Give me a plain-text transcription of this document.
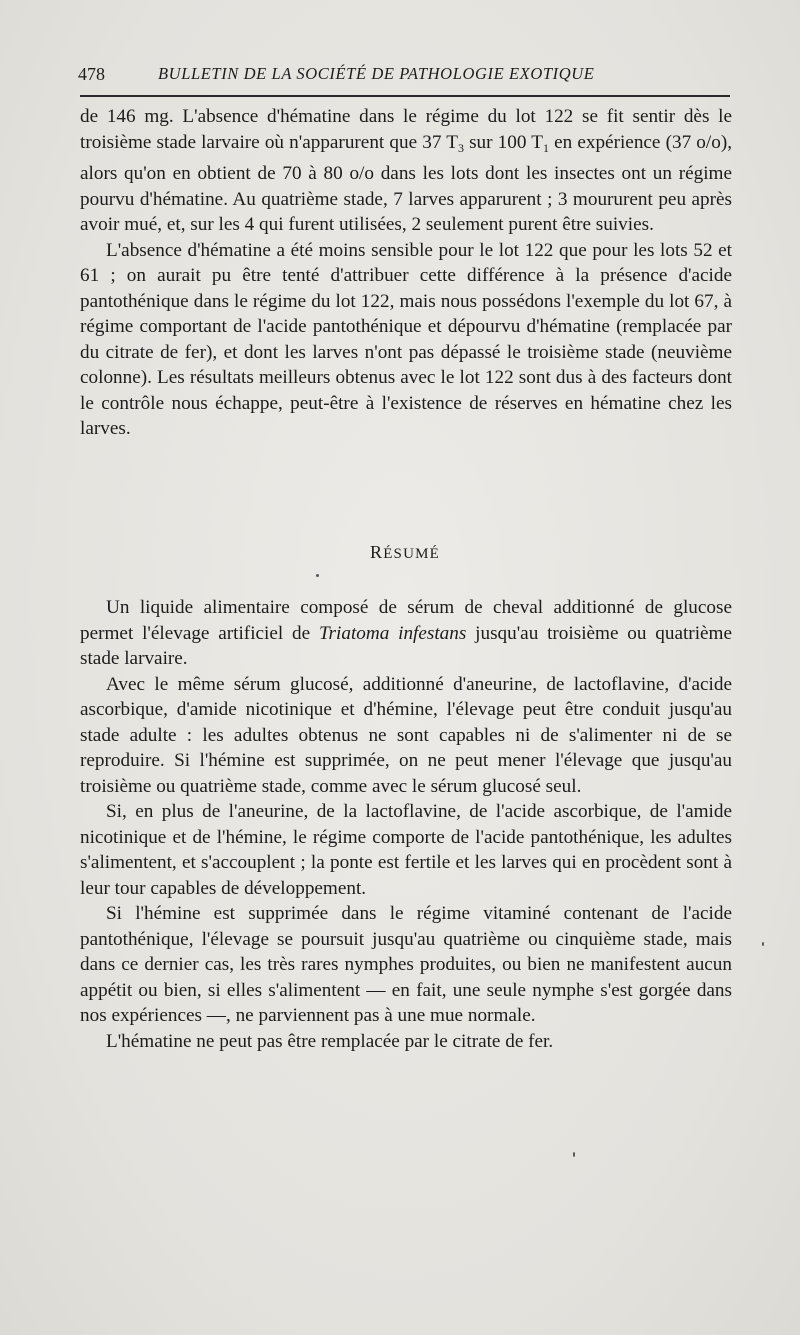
478	BULLETIN DE LA SOCIÉTÉ DE PATHOLOGIE EXOTIQUE

de 146 mg. L'absence d'hématine dans le régime du lot 122 se fit sentir dès le troisième stade larvaire où n'apparurent que 37 $T_3$ sur 100 $T_1$ en expérience (37 o/o), alors qu'on en obtient de 70 à 80 o/o dans les lots dont les insectes ont un régime pourvu d'hématine. Au quatrième stade, 7 larves apparurent ; 3 moururent peu après avoir mué, et, sur les 4 qui furent utilisées, 2 seulement purent être suivies.

L'absence d'hématine a été moins sensible pour le lot 122 que pour les lots 52 et 61 ; on aurait pu être tenté d'attribuer cette différence à la présence d'acide pantothénique dans le régime du lot 122, mais nous possédons l'exemple du lot 67, à régime comportant de l'acide pantothénique et dépourvu d'hématine (remplacée par du citrate de fer), et dont les larves n'ont pas dépassé le troisième stade (neuvième colonne). Les résultats meilleurs obtenus avec le lot 122 sont dus à des facteurs dont le contrôle nous échappe, peut-être à l'existence de réserves en hématine chez les larves.

RÉSUMÉ

Un liquide alimentaire composé de sérum de cheval additionné de glucose permet l'élevage artificiel de Triatoma infestans jusqu'au troisième ou quatrième stade larvaire.

Avec le même sérum glucosé, additionné d'aneurine, de lactoflavine, d'acide ascorbique, d'amide nicotinique et d'hémine, l'élevage peut être conduit jusqu'au stade adulte : les adultes obtenus ne sont capables ni de s'alimenter ni de se reproduire. Si l'hémine est supprimée, on ne peut mener l'élevage que jusqu'au troisième ou quatrième stade, comme avec le sérum glucosé seul.

Si, en plus de l'aneurine, de la lactoflavine, de l'acide ascorbique, de l'amide nicotinique et de l'hémine, le régime comporte de l'acide pantothénique, les adultes s'alimentent, et s'accouplent ; la ponte est fertile et les larves qui en procèdent sont à leur tour capables de développement.

Si l'hémine est supprimée dans le régime vitaminé contenant de l'acide pantothénique, l'élevage se poursuit jusqu'au quatrième ou cinquième stade, mais dans ce dernier cas, les très rares nymphes produites, ou bien ne manifestent aucun appétit ou bien, si elles s'alimentent — en fait, une seule nymphe s'est gorgée dans nos expériences —, ne parviennent pas à une mue normale.

L'hématine ne peut pas être remplacée par le citrate de fer.
